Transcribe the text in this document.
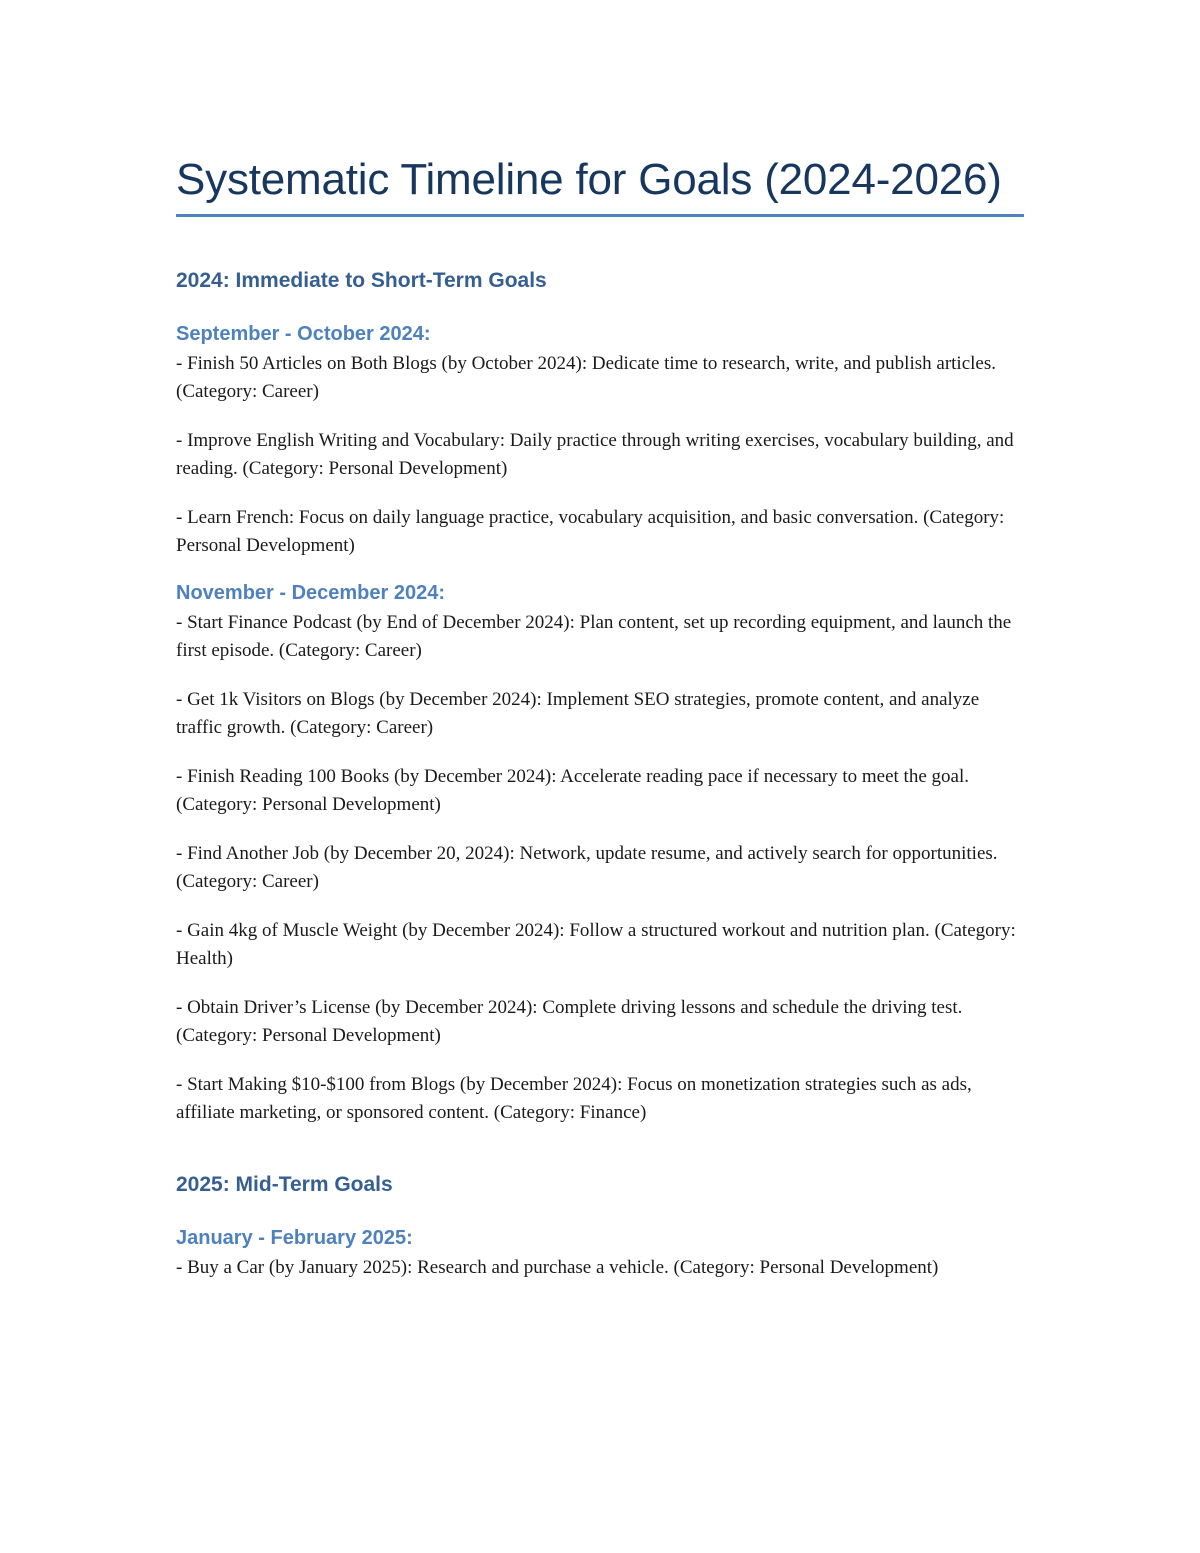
Systematic Timeline for Goals (2024-2026)
2024: Immediate to Short-Term Goals
September - October 2024:

- Finish 50 Articles on Both Blogs (by October 2024): Dedicate time to research, write, and publish articles. (Category: Career)

- Improve English Writing and Vocabulary: Daily practice through writing exercises, vocabulary building, and reading. (Category: Personal Development)

- Learn French: Focus on daily language practice, vocabulary acquisition, and basic conversation. (Category: Personal Development)

November - December 2024:

- Start Finance Podcast (by End of December 2024): Plan content, set up recording equipment, and launch the first episode. (Category: Career)

- Get 1k Visitors on Blogs (by December 2024): Implement SEO strategies, promote content, and analyze traffic growth. (Category: Career)

- Finish Reading 100 Books (by December 2024): Accelerate reading pace if necessary to meet the goal. (Category: Personal Development)

- Find Another Job (by December 20, 2024): Network, update resume, and actively search for opportunities. (Category: Career)

- Gain 4kg of Muscle Weight (by December 2024): Follow a structured workout and nutrition plan. (Category: Health)

- Obtain Driver’s License (by December 2024): Complete driving lessons and schedule the driving test. (Category: Personal Development)

- Start Making $10-$100 from Blogs (by December 2024): Focus on monetization strategies such as ads, affiliate marketing, or sponsored content. (Category: Finance)

2025: Mid-Term Goals
January - February 2025:

- Buy a Car (by January 2025): Research and purchase a vehicle. (Category: Personal Development)
